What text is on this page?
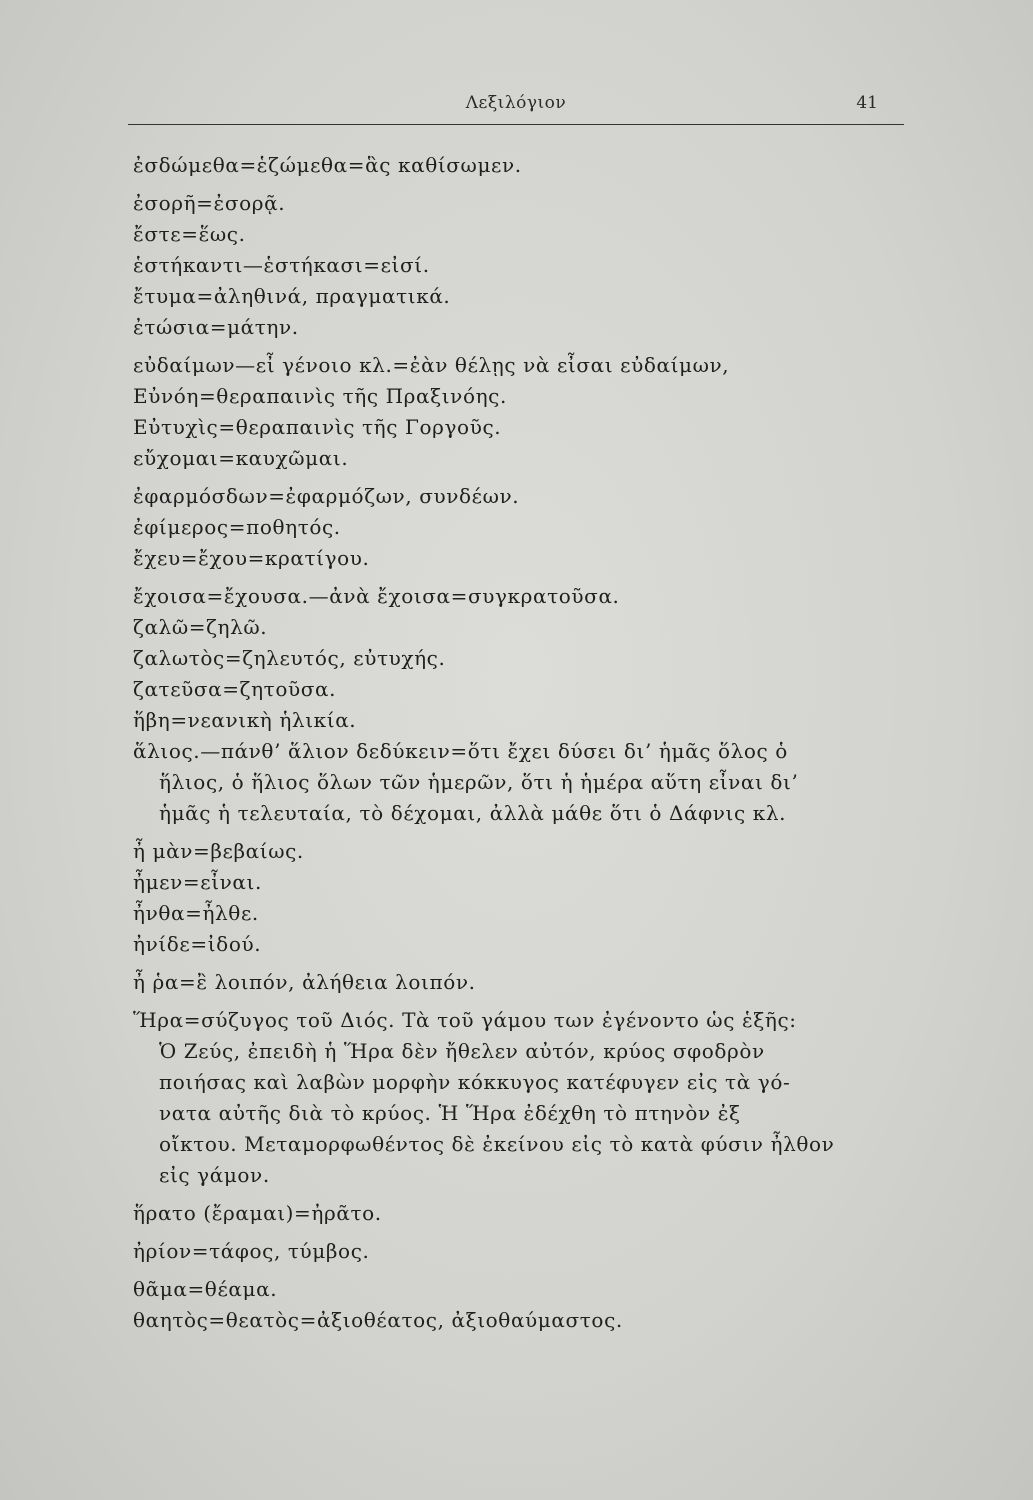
Λεξιλόγιον	41
ἐσδώμεθα=ἑζώμεθα=ἃς καθίσωμεν.
ἐσορῆ=ἐσορᾷ.
ἔστε=ἕως.
ἑστήκαντι—ἑστήκασι=εἰσί.
ἔτυμα=ἀληθινά, πραγματικά.
ἐτώσια=μάτην.
εὐδαίμων—εἶ γένοιο κλ.=ἐὰν θέλῃς νὰ εἶσαι εὐδαίμων,
Εὐνόη=θεραπαινὶς τῆς Πραξινόης.
Εὐτυχὶς=θεραπαινὶς τῆς Γοργοῦς.
εὔχομαι=καυχῶμαι.
ἐφαρμόσδων=ἐφαρμόζων, συνδέων.
ἐφίμερος=ποθητός.
ἔχευ=ἔχου=κρατίγου.
ἔχοισα=ἔχουσα.—ἀνὰ ἔχοισα=συγκρατοῦσα.
ζαλῶ=ζηλῶ.
ζαλωτὸς=ζηλευτός, εὐτυχής.
ζατεῦσα=ζητοῦσα.
ἥβη=νεανικὴ ἡλικία.
ἅλιος.—πάνθ’ ἅλιον δεδύκειν=ὅτι ἔχει δύσει δι’ ἡμᾶς ὅλος ὁ
ἥλιος, ὁ ἥλιος ὅλων τῶν ἡμερῶν, ὅτι ἡ ἡμέρα αὕτη εἶναι δι’
ἡμᾶς ἡ τελευταία, τὸ δέχομαι, ἀλλὰ μάθε ὅτι ὁ Δάφνις κλ.
ἦ μὰν=βεβαίως.
ἦμεν=εἶναι.
ἦνθα=ἦλθε.
ἠνίδε=ἰδού.
ἦ ῥα=ἒ λοιπόν, ἀλήθεια λοιπόν.
Ἥρα=σύζυγος τοῦ Διός. Τὰ τοῦ γάμου των ἐγένοντο ὡς ἑξῆς:
Ὁ Ζεύς, ἐπειδὴ ἡ Ἥρα δὲν ἤθελεν αὐτόν, κρύος σφοδρὸν
ποιήσας καὶ λαβὼν μορφὴν κόκκυγος κατέφυγεν εἰς τὰ γό-
νατα αὐτῆς διὰ τὸ κρύος. Ἡ Ἥρα ἐδέχθη τὸ πτηνὸν ἐξ
οἴκτου. Μεταμορφωθέντος δὲ ἐκείνου εἰς τὸ κατὰ φύσιν ἦλθον
εἰς γάμον.
ἥρατο (ἔραμαι)=ἠρᾶτο.
ἠρίον=τάφος, τύμβος.
θᾶμα=θέαμα.
θαητὸς=θεατὸς=ἀξιοθέατος, ἀξιοθαύμαστος.
